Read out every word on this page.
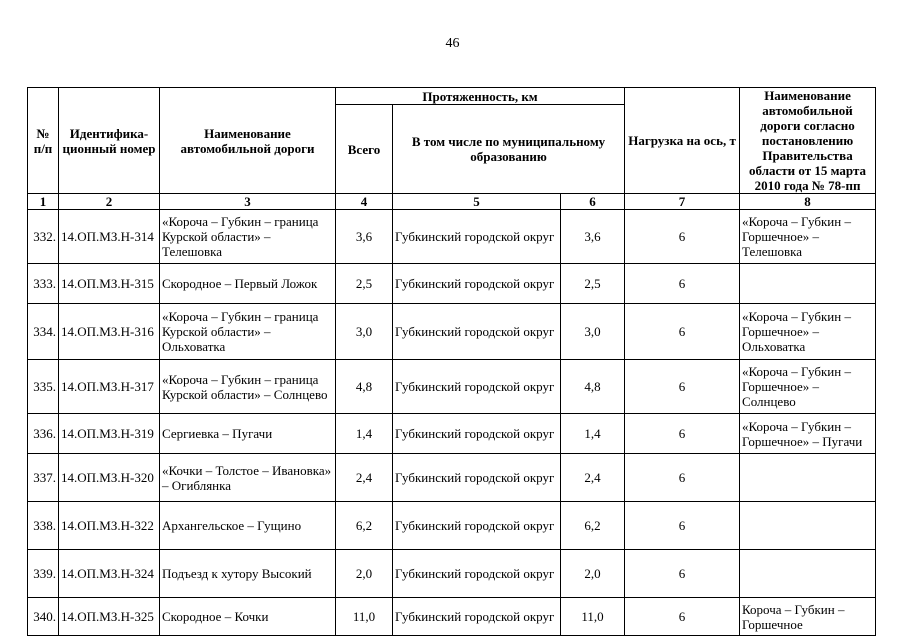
46
№ п/п	Идентифика-ционный номер	Наименование автомобильной дороги	Протяженность, км			Нагрузка на ось, т	Наименование автомобильной дороги согласно постановлению Правительства области от 15 марта 2010 года № 78-пп
			Всего	В том числе по муниципальному образованию			
1	2	3	4	5	6	7	8
332.	14.ОП.МЗ.Н-314	«Короча – Губкин – граница Курской области» – Телешовка	3,6	Губкинский городской округ	3,6	6	«Короча – Губкин – Горшечное» – Телешовка
333.	14.ОП.МЗ.Н-315	Скородное – Первый Ложок	2,5	Губкинский городской округ	2,5	6	
334.	14.ОП.МЗ.Н-316	«Короча – Губкин – граница Курской области» – Ольховатка	3,0	Губкинский городской округ	3,0	6	«Короча – Губкин – Горшечное» – Ольховатка
335.	14.ОП.МЗ.Н-317	«Короча – Губкин – граница Курской области» – Солнцево	4,8	Губкинский городской округ	4,8	6	«Короча – Губкин – Горшечное» – Солнцево
336.	14.ОП.МЗ.Н-319	Сергиевка – Пугачи	1,4	Губкинский городской округ	1,4	6	«Короча – Губкин – Горшечное» – Пугачи
337.	14.ОП.МЗ.Н-320	«Кочки – Толстое – Ивановка» – Огиблянка	2,4	Губкинский городской округ	2,4	6	
338.	14.ОП.МЗ.Н-322	Архангельское – Гущино	6,2	Губкинский городской округ	6,2	6	
339.	14.ОП.МЗ.Н-324	Подъезд к хутору Высокий	2,0	Губкинский городской округ	2,0	6	
340.	14.ОП.МЗ.Н-325	Скородное – Кочки	11,0	Губкинский городской округ	11,0	6	Короча – Губкин – Горшечное
